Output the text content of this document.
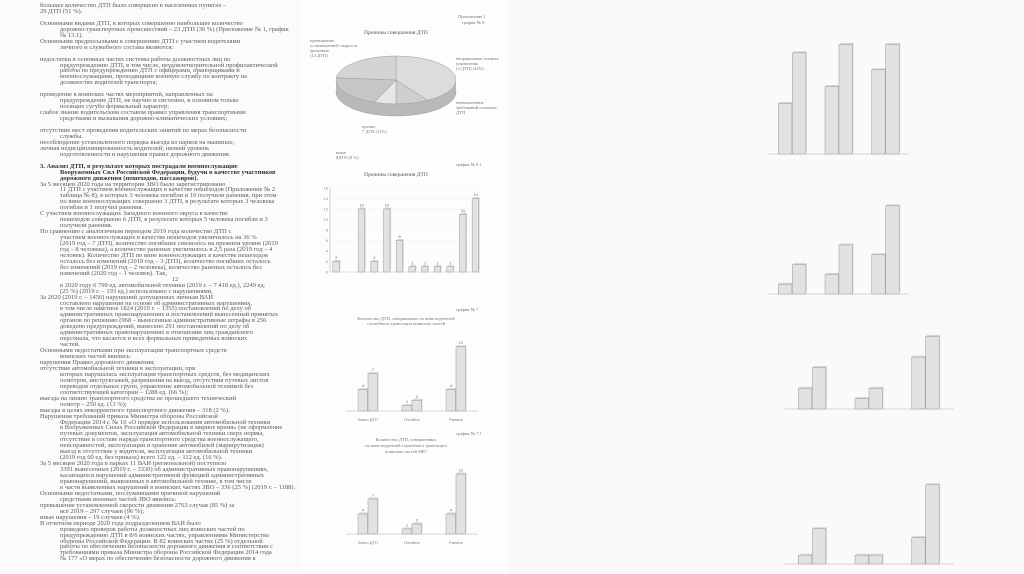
большее количество ДТП было совершено в населенных пунктах –
29 ДТП (51 %).
Основными видами ДТП, в которых совершенно наибольшее количество
дорожно-транспортных происшествий – 23 ДТП (36 %) (Приложение № 1, график
№ 13.1).
Основными предпосылками к совершению ДТП с участием водителями
личного и служебного состава являются:
недостатки в основных частях системы работы должностных лиц по
предупреждению ДТП, в том числе, неудовлетворительной профилактической
работы по предупреждению ДТП с офицерами, прапорщиками и
военнослужащими, проходящими военную службу по контракту на
должностях водителей транспорта;
проведение в воинских частях мероприятий, направленных на
предупреждение ДТП, не научно и системно, в основном только
носящих сугубо формальный характер;
слабое знание водительским составом правил управления транспортными
средствами и вызывания дорожно-климатических условиях;
отсутствие мест проведения водительских занятий по мерах безопасности
службы.
несоблюдение установленного порядка выезда из парков на машинах;
личная недисциплинированность водителей; низкий уровень
подготовленности и нарушения правил дорожного движения.
3. Анализ ДТП, в результате которых пострадали военнослужащие
Вооруженных Сил Российской Федерации, будучи в качестве участников
дорожного движения (пешеходов, пассажиров).
За 5 месяцев 2020 года на территории ЗВО было зарегистрировано
11 ДТП с участием военнослужащих в качестве пешеходов (Приложение № 2
таблица № 8), в которых 3 человека погибли и 10 получили ранения, при этом
по вине военнослужащих совершено 3 ДТП, в результате которых 3 человека
погибли и 1 получил ранения.
С участием военнослужащих Западного военного округа в качестве
пешеходов совершено 6 ДТП, в результате которых 5 человека погибли и 3
получили ранения.
По сравнению с аналогичным периодом 2019 года количество ДТП с
участием военнослужащих в качестве пешеходов увеличилось на 36 %
(2019 год – 7 ДТП), количество погибших снизилось на прежнем уровне (2019
год – 8 человека), а количество раненых увеличилось в 2,5 раза (2019 год – 4
человек). Количество ДТП по вине военнослужащих в качестве пешеходов
осталось без изменений (2019 год – 3 ДТП), количество погибших осталось
без изменений (2019 год – 2 человека), количество раненых осталось без
изменений (2020 год – 1 человек). Так,
12
в 2020 году 6 799 ед. автомобильной техники (2019 г. – 7 418 ед.), 2249 ед.
(25 %) (2019 г. – 193 ед.) использовано с нарушениями,
За 2020 (2019 г. – 1456) нарушений допущенных личным ВАИ
составлено нарушении на основе об административных нарушениях,
в том числе пакетное 1824 (2019 г. – 1355) постановлений по делу об
административных правонарушениях и постановлений вынесенный принятых
органов по решению (968 – вынесенные административные штрафы в 256
доведено предупреждений, вынесено 291 постановлений по делу об
административных правонарушениях в отношении лиц гражданского
персонала, что касается и всех формальных приведенных воинских
частей.
Основными недостатками при эксплуатации транспортных средств
воинских частей явились:
нарушения Правил дорожного движения;
отсутствие автомобильной техники в эксплуатации, при
которых нарушалась эксплуатация транспортных средств, без медицинских
осмотров, инструктажей, разрешения на выезд, отсутствия путевых листов
переводов отдельных групп, управление автомобильной техникой без
соответствующей категории – 1288 ед. (66 %);
выезда на линию транспортного средства не прошедшего технический
осмотр – 250 ед. (13 %);
выезды в целях некорректного транспортного движения – 318 (2 %).
Нарушения требований приказа Министра обороны Российской
Федерации 2014 г. № 10 «О порядке использования автомобильной техники
в Вооруженных Силах Российской Федерации в мирное время» (не оформление
путевых документов, эксплуатация автомобильной техники сверх нормы,
отсутствие в составе наряда транспортного средства военнослужащего,
неисправностей, эксплуатации и хранение автомобилей (маршрутизация)
выезд в отсутствие у водителя, эксплуатация автомобильной техники
(2019 год 60 ед. без приказа) всего 122 ед. – 112 ед. (16 %).
За 5 месяцев 2020 года в парках 11 ВАИ (региональной) поступило
3391 вынесенных (2019 г. – 3330) об административных правонарушениях,
касающихся нарушений административной функцией административных
правонарушений, выявленных в автомобильной технике, в том числе
в части выявленных нарушений в воинских частях ЗВО – 336 (25 %) (2019 г. – 1188).
Основными недостатками, послужившими причиной нарушений
средствами военных частей ЗВО явились:
превышение установленной скорости движения 2763 случая (85 %) за
всё 2019 – 297 случаев (96 %);
иные нарушения – 19 случаев (4 %).
В отчетном периоде 2020 года подразделением ВАИ было
проведено проверок работы должностных лиц воинских частей по
предупреждению ДТП в 8/6 воинских частях, управлениями Министерства
обороны Российской Федерации. В 82 воинских частях (25 %) отдельной
работы по обеспечению безопасности дорожного движения в соответствии с
требованиями приказа Министра обороны Российской Федерации 2014 года
№ 177 «О мерах по обеспечению безопасности дорожного движения в
Приложение 1
график № 8
Причины совершения ДТП
превышение
установленной скорости
движения
(14 ДТП)
неправильная техника
управления
(3 ДТП) (44%)
невыполнение
требований сигналов
ДТП
прочие
7 ДТП (11%)
иные
8ДТП (8 %)
график № 8.1
Причины совершения ДТП
0
2
4
6
8
10
12
14
16
2
12
2
12
6
1	1	1	1
11
14
график № 7
Количество ДТП, совершенных по вине водителей служебного транспорта воинских частей
4
1
4
7
2
12
Всего ДТП	Погибло	Ранено
график № 7.1
Количество ДТП, совершенных
по вине водителей служебного транспорта
воинских частей ЗВО
4
1
4
7
2
12
Всего ДТП	Погибло	Ранено
